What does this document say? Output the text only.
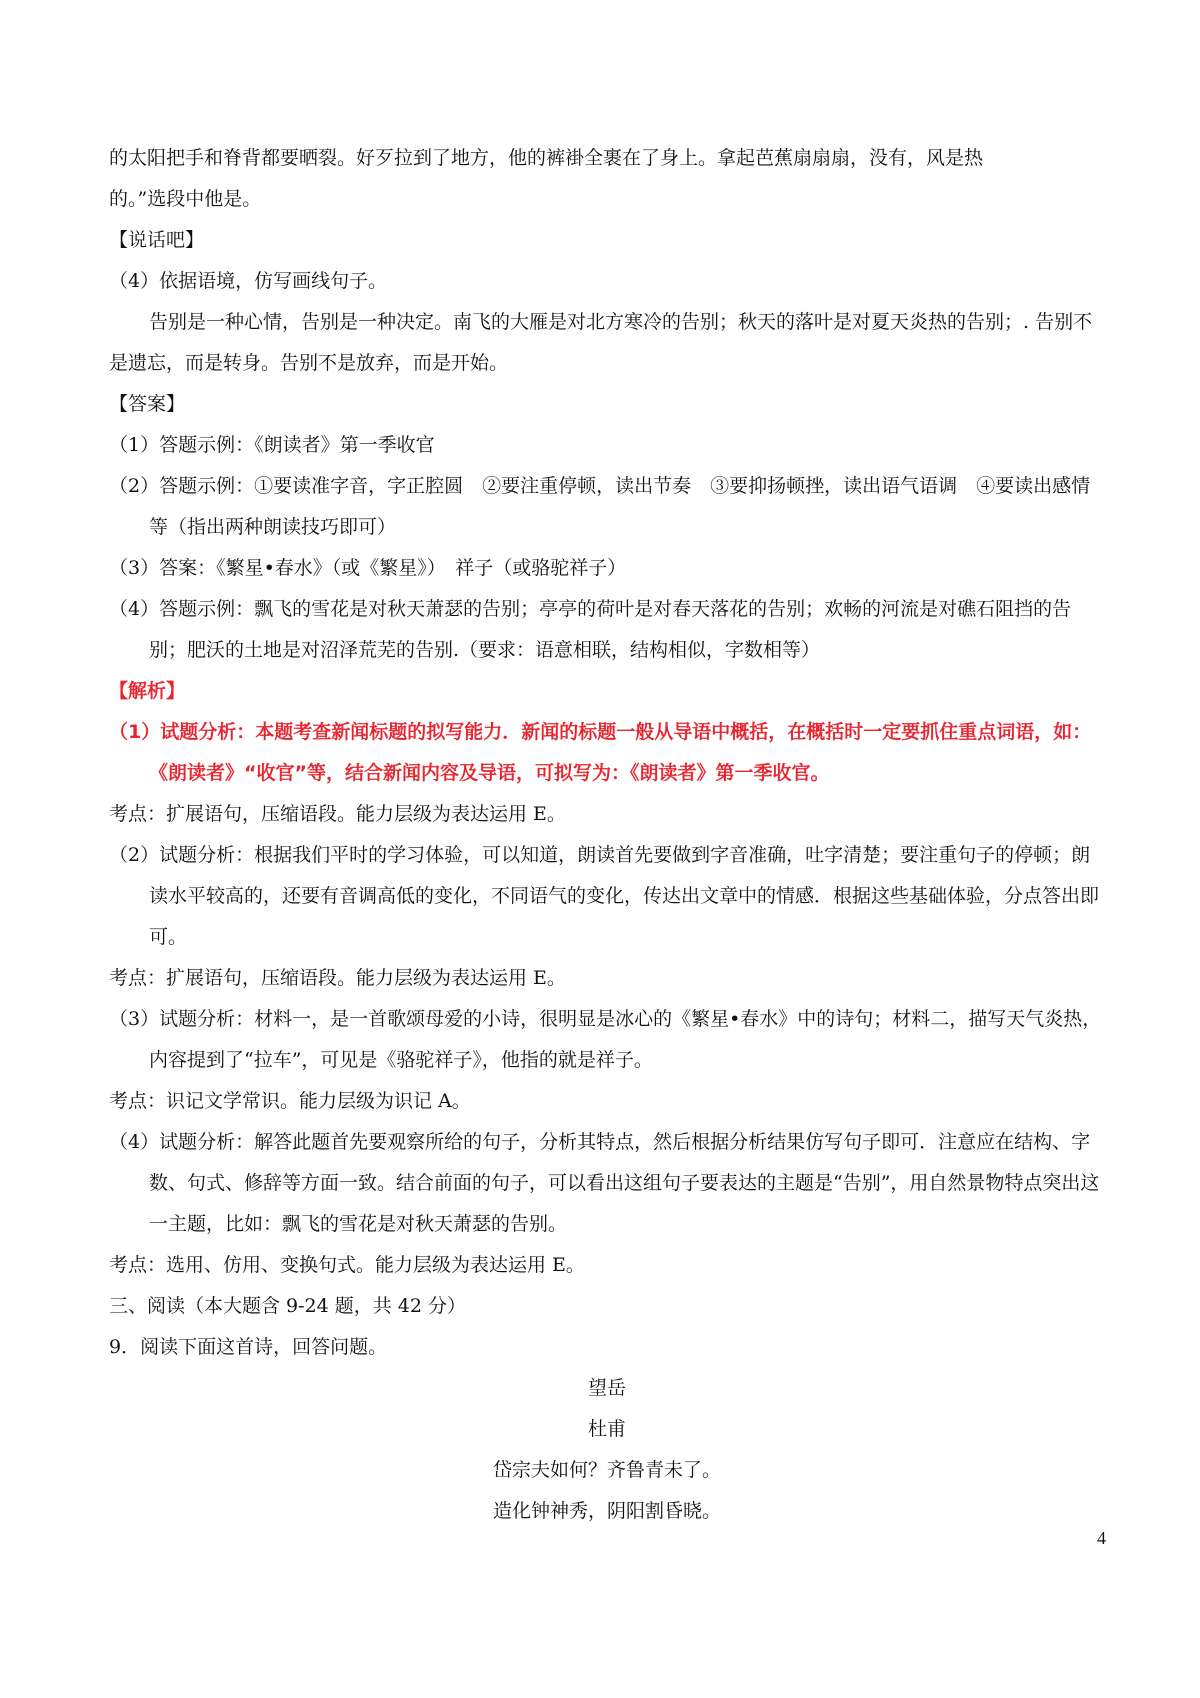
的太阳把手和脊背都要晒裂。好歹拉到了地方，他的裤褂全裹在了身上。拿起芭蕉扇扇扇，没有，风是热
的。”选段中他是。
【说话吧】
（4）依据语境，仿写画线句子。
告别是一种心情，告别是一种决定。南飞的大雁是对北方寒冷的告别；秋天的落叶是对夏天炎热的告别；. 告别不是遗忘，而是转身。告别不是放弃，而是开始。
【答案】
（1）答题示例：《朗读者》第一季收官
（2）答题示例：①要读准字音，字正腔圆　②要注重停顿，读出节奏　③要抑扬顿挫，读出语气语调　④要读出感情等（指出两种朗读技巧即可）
（3）答案：《繁星•春水》（或《繁星》）　祥子（或骆驼祥子）
（4）答题示例：飘飞的雪花是对秋天萧瑟的告别；亭亭的荷叶是对春天落花的告别；欢畅的河流是对礁石阻挡的告别；肥沃的土地是对沼泽荒芜的告别.（要求：语意相联，结构相似，字数相等）
【解析】
（1）试题分析：本题考查新闻标题的拟写能力．新闻的标题一般从导语中概括，在概括时一定要抓住重点词语，如：《朗读者》“收官”等，结合新闻内容及导语，可拟写为：《朗读者》第一季收官。
考点：扩展语句，压缩语段。能力层级为表达运用 E。
（2）试题分析：根据我们平时的学习体验，可以知道，朗读首先要做到字音准确，吐字清楚；要注重句子的停顿；朗读水平较高的，还要有音调高低的变化，不同语气的变化，传达出文章中的情感．根据这些基础体验，分点答出即可。
考点：扩展语句，压缩语段。能力层级为表达运用 E。
（3）试题分析：材料一，是一首歌颂母爱的小诗，很明显是冰心的《繁星•春水》中的诗句；材料二，描写天气炎热，内容提到了“拉车”，可见是《骆驼祥子》，他指的就是祥子。
考点：识记文学常识。能力层级为识记 A。
（4）试题分析：解答此题首先要观察所给的句子，分析其特点，然后根据分析结果仿写句子即可．注意应在结构、字数、句式、修辞等方面一致。结合前面的句子，可以看出这组句子要表达的主题是“告别”，用自然景物特点突出这一主题，比如：飘飞的雪花是对秋天萧瑟的告别。
考点：选用、仿用、变换句式。能力层级为表达运用 E。
三、阅读（本大题含 9-24 题，共 42 分）
9．阅读下面这首诗，回答问题。
望岳
杜甫
岱宗夫如何？齐鲁青未了。
造化钟神秀，阴阳割昏晓。
4
